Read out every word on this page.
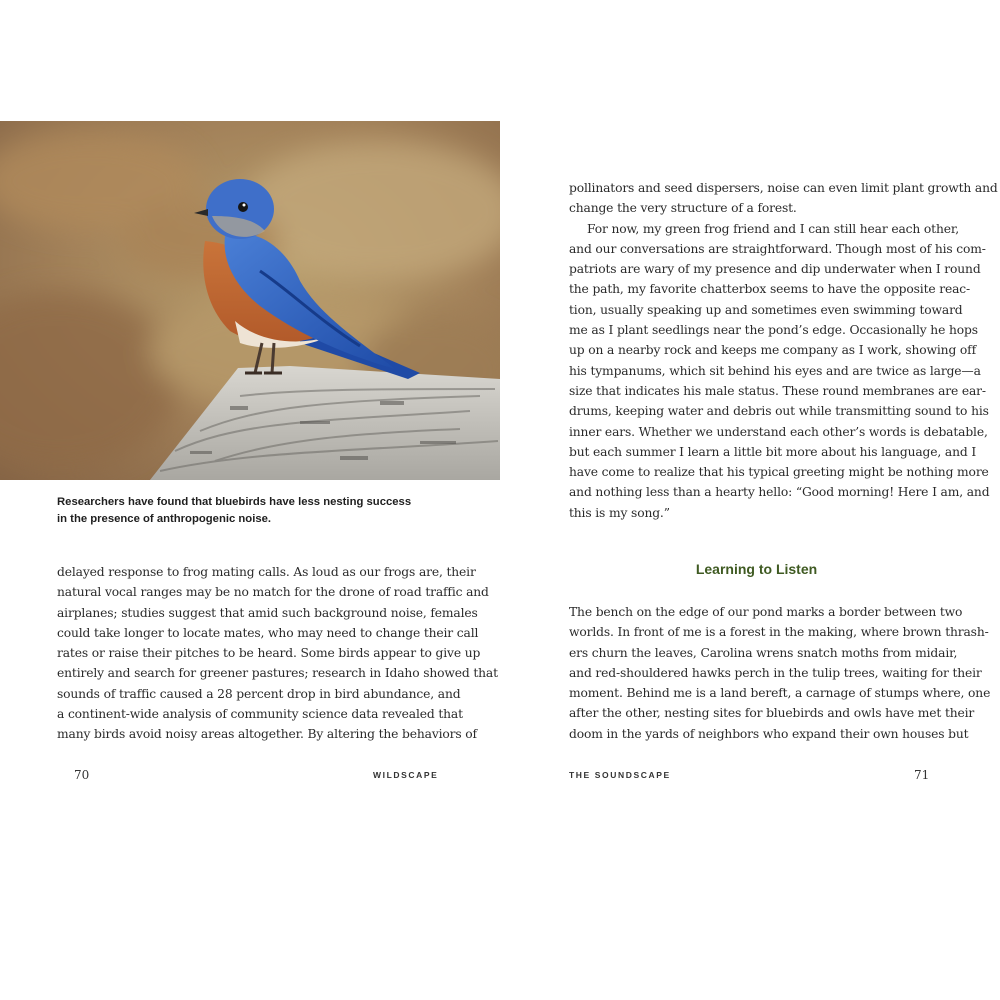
Researchers have found that bluebirds have less nesting success
in the presence of anthropogenic noise.
delayed response to frog mating calls. As loud as our frogs are, their
natural vocal ranges may be no match for the drone of road traffic and
airplanes; studies suggest that amid such background noise, females
could take longer to locate mates, who may need to change their call
rates or raise their pitches to be heard. Some birds appear to give up
entirely and search for greener pastures; research in Idaho showed that
sounds of traffic caused a 28 percent drop in bird abundance, and
a continent-wide analysis of community science data revealed that
many birds avoid noisy areas altogether. By altering the behaviors of
70	WILDSCAPE
pollinators and seed dispersers, noise can even limit plant growth and
change the very structure of a forest.
For now, my green frog friend and I can still hear each other,
and our conversations are straightforward. Though most of his com-
patriots are wary of my presence and dip underwater when I round
the path, my favorite chatterbox seems to have the opposite reac-
tion, usually speaking up and sometimes even swimming toward
me as I plant seedlings near the pond’s edge. Occasionally he hops
up on a nearby rock and keeps me company as I work, showing off
his tympanums, which sit behind his eyes and are twice as large—a
size that indicates his male status. These round membranes are ear-
drums, keeping water and debris out while transmitting sound to his
inner ears. Whether we understand each other’s words is debatable,
but each summer I learn a little bit more about his language, and I
have come to realize that his typical greeting might be nothing more
and nothing less than a hearty hello: “Good morning! Here I am, and
this is my song.”
Learning to Listen
The bench on the edge of our pond marks a border between two
worlds. In front of me is a forest in the making, where brown thrash-
ers churn the leaves, Carolina wrens snatch moths from midair,
and red-shouldered hawks perch in the tulip trees, waiting for their
moment. Behind me is a land bereft, a carnage of stumps where, one
after the other, nesting sites for bluebirds and owls have met their
doom in the yards of neighbors who expand their own houses but
THE SOUNDSCAPE	71
